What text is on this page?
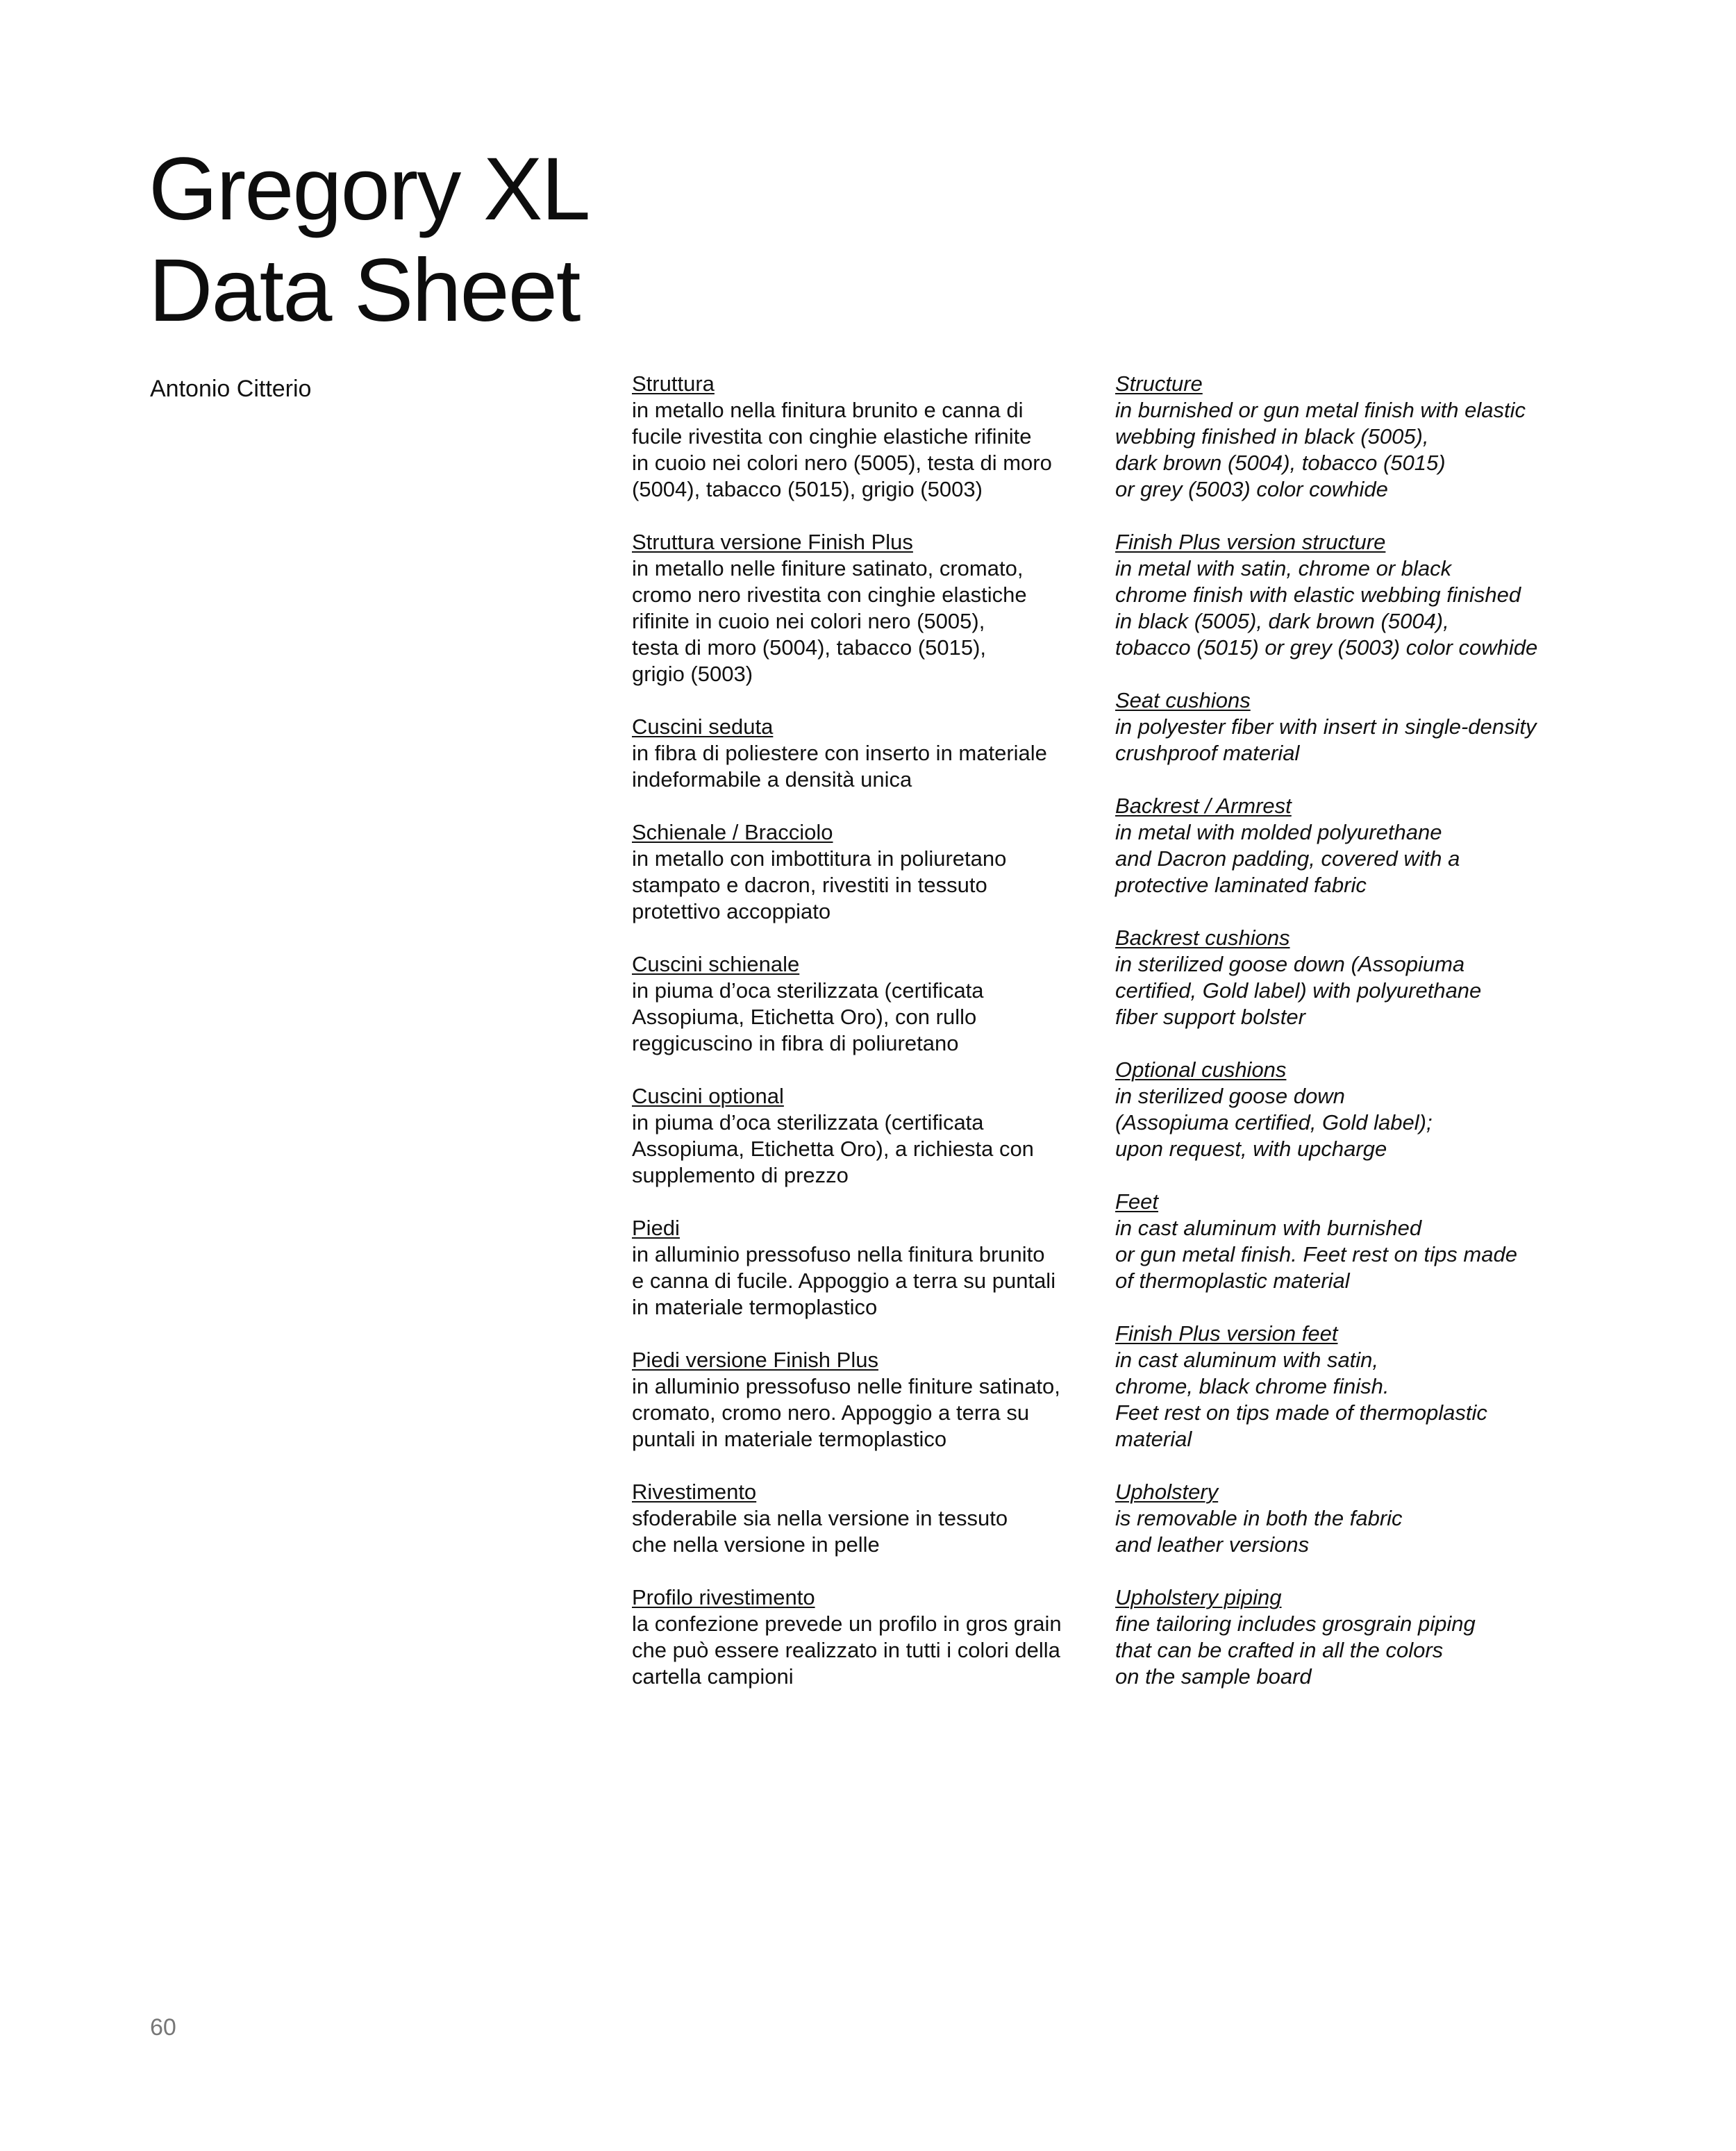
Gregory XL
Data Sheet
Antonio Citterio	Struttura
in metallo nella finitura brunito e canna di
fucile rivestita con cinghie elastiche rifinite
in cuoio nei colori nero (5005), testa di moro
(5004), tabacco (5015), grigio (5003)
Struttura versione Finish Plus
in metallo nelle finiture satinato, cromato,
cromo nero rivestita con cinghie elastiche
rifinite in cuoio nei colori nero (5005),
testa di moro (5004), tabacco (5015),
grigio (5003)
Cuscini seduta
in fibra di poliestere con inserto in materiale
indeformabile a densità unica
Schienale / Bracciolo
in metallo con imbottitura in poliuretano
stampato e dacron, rivestiti in tessuto
protettivo accoppiato
Cuscini schienale
in piuma d’oca sterilizzata (certificata
Assopiuma, Etichetta Oro), con rullo
reggicuscino in fibra di poliuretano
Cuscini optional
in piuma d’oca sterilizzata (certificata
Assopiuma, Etichetta Oro), a richiesta con
supplemento di prezzo
Piedi
in alluminio pressofuso nella finitura brunito
e canna di fucile. Appoggio a terra su puntali
in materiale termoplastico
Piedi versione Finish Plus
in alluminio pressofuso nelle finiture satinato,
cromato, cromo nero. Appoggio a terra su
puntali in materiale termoplastico
Rivestimento
sfoderabile sia nella versione in tessuto
che nella versione in pelle
Profilo rivestimento
la confezione prevede un profilo in gros grain
che può essere realizzato in tutti i colori della
cartella campioni
Structure
in burnished or gun metal finish with elastic
webbing finished in black (5005),
dark brown (5004), tobacco (5015)
or grey (5003) color cowhide
Finish Plus version structure
in metal with satin, chrome or black
chrome finish with elastic webbing finished
in black (5005), dark brown (5004),
tobacco (5015) or grey (5003) color cowhide
Seat cushions
in polyester fiber with insert in single-density
crushproof material
Backrest / Armrest
in metal with molded polyurethane
and Dacron padding, covered with a
protective laminated fabric
Backrest cushions
in sterilized goose down (Assopiuma
certified, Gold label) with polyurethane
fiber support bolster
Optional cushions
in sterilized goose down
(Assopiuma certified, Gold label);
upon request, with upcharge
Feet
in cast aluminum with burnished
or gun metal finish. Feet rest on tips made
of thermoplastic material
Finish Plus version feet
in cast aluminum with satin,
chrome, black chrome finish.
Feet rest on tips made of thermoplastic
material
Upholstery
is removable in both the fabric
and leather versions
Upholstery piping
fine tailoring includes grosgrain piping
that can be crafted in all the colors
on the sample board
60
